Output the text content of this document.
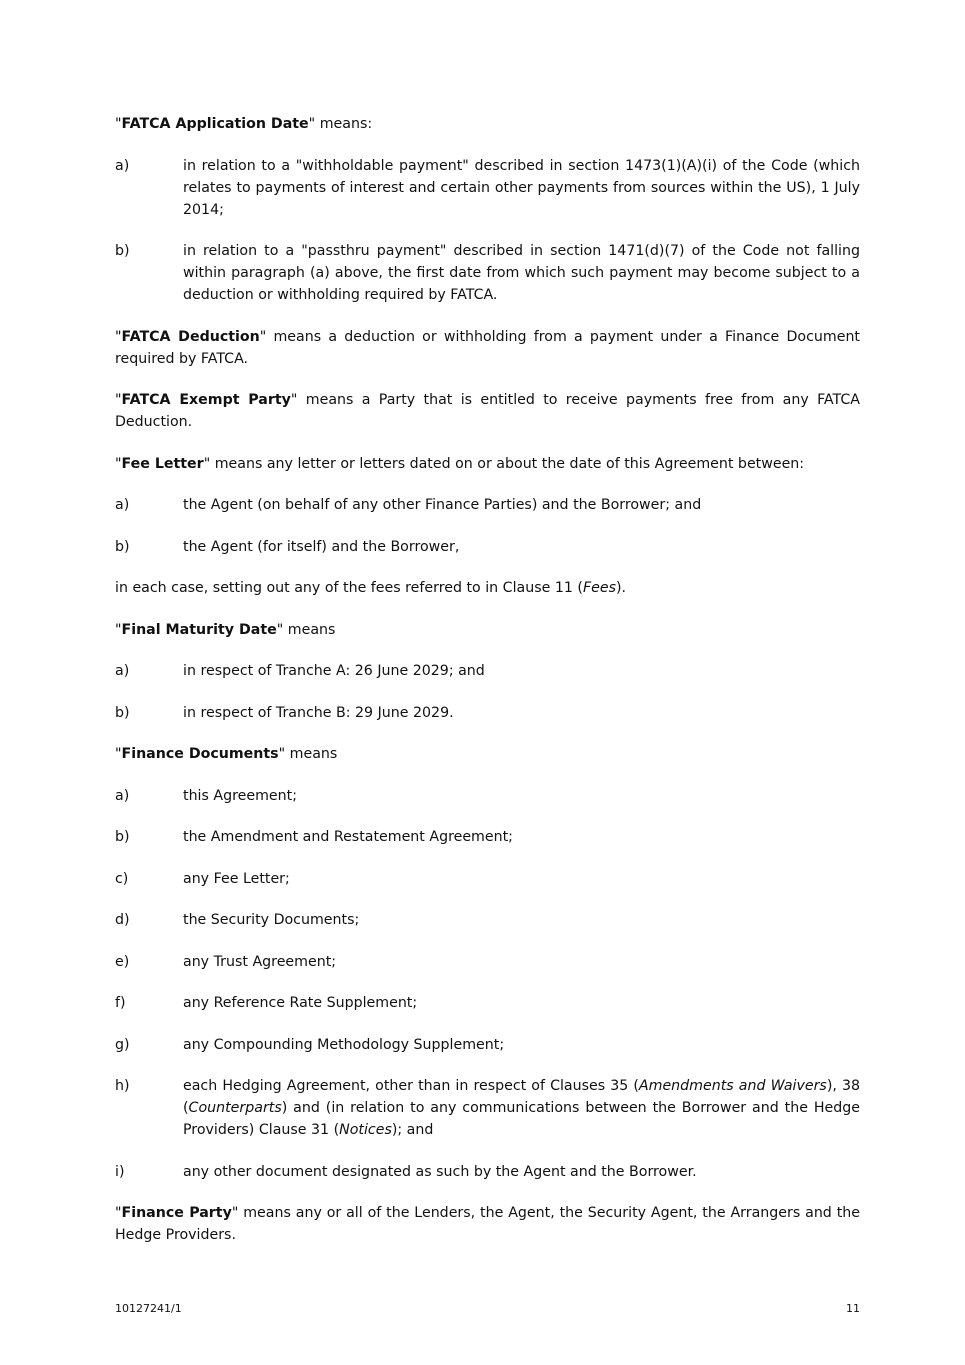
"FATCA Application Date" means:

a)	in relation to a "withholdable payment" described in section 1473(1)(A)(i) of the Code (which relates to payments of interest and certain other payments from sources within the US), 1 July 2014;
b)	in relation to a "passthru payment" described in section 1471(d)(7) of the Code not falling within paragraph (a) above, the first date from which such payment may become subject to a deduction or withholding required by FATCA.

"FATCA Deduction" means a deduction or withholding from a payment under a Finance Document required by FATCA.

"FATCA Exempt Party" means a Party that is entitled to receive payments free from any FATCA Deduction.

"Fee Letter" means any letter or letters dated on or about the date of this Agreement between:

a)	the Agent (on behalf of any other Finance Parties) and the Borrower; and
b)	the Agent (for itself) and the Borrower,

in each case, setting out any of the fees referred to in Clause 11 (Fees).

"Final Maturity Date" means

a)	in respect of Tranche A: 26 June 2029; and
b)	in respect of Tranche B: 29 June 2029.

"Finance Documents" means

a)	this Agreement;
b)	the Amendment and Restatement Agreement;
c)	any Fee Letter;
d)	the Security Documents;
e)	any Trust Agreement;
f)	any Reference Rate Supplement;
g)	any Compounding Methodology Supplement;
h)	each Hedging Agreement, other than in respect of Clauses 35 (Amendments and Waivers), 38 (Counterparts) and (in relation to any communications between the Borrower and the Hedge Providers) Clause 31 (Notices); and
i)	any other document designated as such by the Agent and the Borrower.

"Finance Party" means any or all of the Lenders, the Agent, the Security Agent, the Arrangers and the Hedge Providers.

10127241/1	11
